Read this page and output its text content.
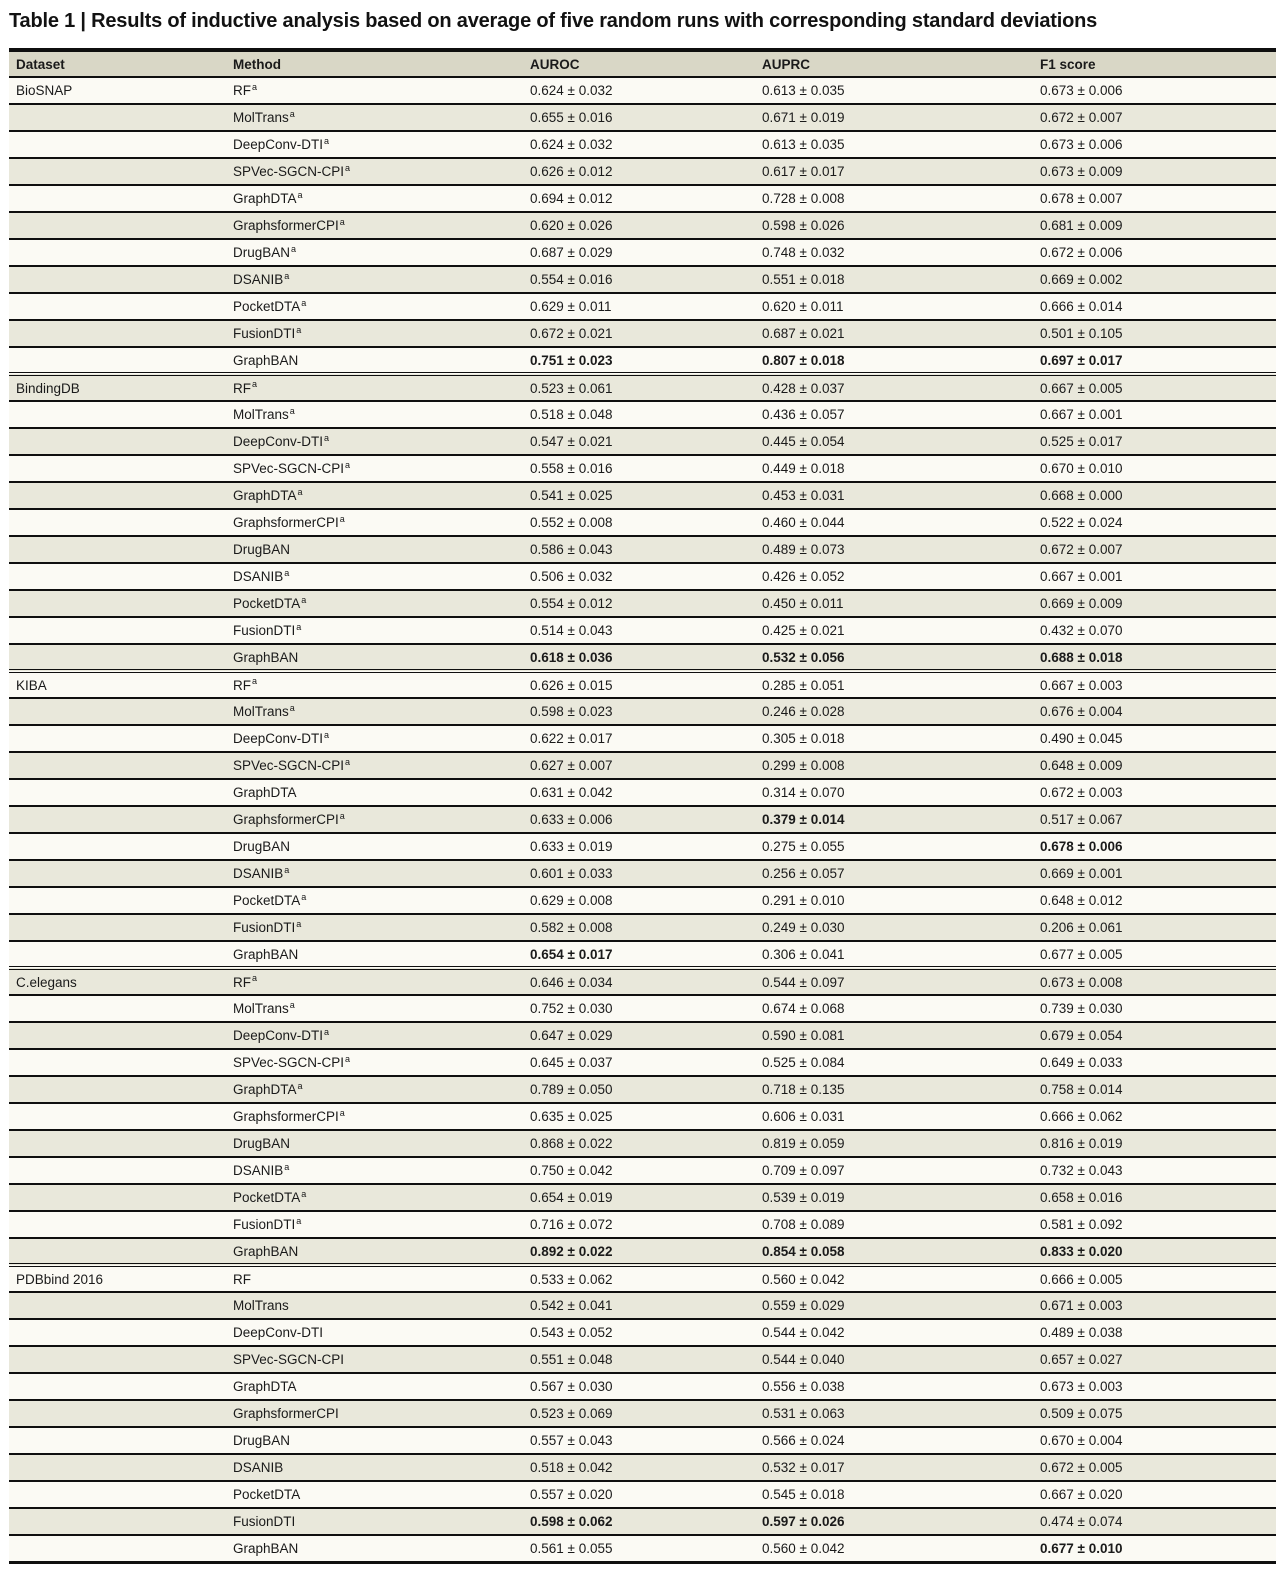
Table 1 | Results of inductive analysis based on average of five random runs with corresponding standard deviations
Dataset	Method	AUROC	AUPRC	F1 score
BioSNAP	RF$^a$	0.624 ± 0.032	0.613 ± 0.035	0.673 ± 0.006
	MolTrans$^a$	0.655 ± 0.016	0.671 ± 0.019	0.672 ± 0.007
	DeepConv-DTI$^a$	0.624 ± 0.032	0.613 ± 0.035	0.673 ± 0.006
	SPVec-SGCN-CPI$^a$	0.626 ± 0.012	0.617 ± 0.017	0.673 ± 0.009
	GraphDTA$^a$	0.694 ± 0.012	0.728 ± 0.008	0.678 ± 0.007
	GraphsformerCPI$^a$	0.620 ± 0.026	0.598 ± 0.026	0.681 ± 0.009
	DrugBAN$^a$	0.687 ± 0.029	0.748 ± 0.032	0.672 ± 0.006
	DSANIB$^a$	0.554 ± 0.016	0.551 ± 0.018	0.669 ± 0.002
	PocketDTA$^a$	0.629 ± 0.011	0.620 ± 0.011	0.666 ± 0.014
	FusionDTI$^a$	0.672 ± 0.021	0.687 ± 0.021	0.501 ± 0.105
	GraphBAN	0.751 ± 0.023	0.807 ± 0.018	0.697 ± 0.017
BindingDB	RF$^a$	0.523 ± 0.061	0.428 ± 0.037	0.667 ± 0.005
	MolTrans$^a$	0.518 ± 0.048	0.436 ± 0.057	0.667 ± 0.001
	DeepConv-DTI$^a$	0.547 ± 0.021	0.445 ± 0.054	0.525 ± 0.017
	SPVec-SGCN-CPI$^a$	0.558 ± 0.016	0.449 ± 0.018	0.670 ± 0.010
	GraphDTA$^a$	0.541 ± 0.025	0.453 ± 0.031	0.668 ± 0.000
	GraphsformerCPI$^a$	0.552 ± 0.008	0.460 ± 0.044	0.522 ± 0.024
	DrugBAN	0.586 ± 0.043	0.489 ± 0.073	0.672 ± 0.007
	DSANIB$^a$	0.506 ± 0.032	0.426 ± 0.052	0.667 ± 0.001
	PocketDTA$^a$	0.554 ± 0.012	0.450 ± 0.011	0.669 ± 0.009
	FusionDTI$^a$	0.514 ± 0.043	0.425 ± 0.021	0.432 ± 0.070
	GraphBAN	0.618 ± 0.036	0.532 ± 0.056	0.688 ± 0.018
KIBA	RF$^a$	0.626 ± 0.015	0.285 ± 0.051	0.667 ± 0.003
	MolTrans$^a$	0.598 ± 0.023	0.246 ± 0.028	0.676 ± 0.004
	DeepConv-DTI$^a$	0.622 ± 0.017	0.305 ± 0.018	0.490 ± 0.045
	SPVec-SGCN-CPI$^a$	0.627 ± 0.007	0.299 ± 0.008	0.648 ± 0.009
	GraphDTA	0.631 ± 0.042	0.314 ± 0.070	0.672 ± 0.003
	GraphsformerCPI$^a$	0.633 ± 0.006	0.379 ± 0.014	0.517 ± 0.067
	DrugBAN	0.633 ± 0.019	0.275 ± 0.055	0.678 ± 0.006
	DSANIB$^a$	0.601 ± 0.033	0.256 ± 0.057	0.669 ± 0.001
	PocketDTA$^a$	0.629 ± 0.008	0.291 ± 0.010	0.648 ± 0.012
	FusionDTI$^a$	0.582 ± 0.008	0.249 ± 0.030	0.206 ± 0.061
	GraphBAN	0.654 ± 0.017	0.306 ± 0.041	0.677 ± 0.005
C.elegans	RF$^a$	0.646 ± 0.034	0.544 ± 0.097	0.673 ± 0.008
	MolTrans$^a$	0.752 ± 0.030	0.674 ± 0.068	0.739 ± 0.030
	DeepConv-DTI$^a$	0.647 ± 0.029	0.590 ± 0.081	0.679 ± 0.054
	SPVec-SGCN-CPI$^a$	0.645 ± 0.037	0.525 ± 0.084	0.649 ± 0.033
	GraphDTA$^a$	0.789 ± 0.050	0.718 ± 0.135	0.758 ± 0.014
	GraphsformerCPI$^a$	0.635 ± 0.025	0.606 ± 0.031	0.666 ± 0.062
	DrugBAN	0.868 ± 0.022	0.819 ± 0.059	0.816 ± 0.019
	DSANIB$^a$	0.750 ± 0.042	0.709 ± 0.097	0.732 ± 0.043
	PocketDTA$^a$	0.654 ± 0.019	0.539 ± 0.019	0.658 ± 0.016
	FusionDTI$^a$	0.716 ± 0.072	0.708 ± 0.089	0.581 ± 0.092
	GraphBAN	0.892 ± 0.022	0.854 ± 0.058	0.833 ± 0.020
PDBbind 2016	RF	0.533 ± 0.062	0.560 ± 0.042	0.666 ± 0.005
	MolTrans	0.542 ± 0.041	0.559 ± 0.029	0.671 ± 0.003
	DeepConv-DTI	0.543 ± 0.052	0.544 ± 0.042	0.489 ± 0.038
	SPVec-SGCN-CPI	0.551 ± 0.048	0.544 ± 0.040	0.657 ± 0.027
	GraphDTA	0.567 ± 0.030	0.556 ± 0.038	0.673 ± 0.003
	GraphsformerCPI	0.523 ± 0.069	0.531 ± 0.063	0.509 ± 0.075
	DrugBAN	0.557 ± 0.043	0.566 ± 0.024	0.670 ± 0.004
	DSANIB	0.518 ± 0.042	0.532 ± 0.017	0.672 ± 0.005
	PocketDTA	0.557 ± 0.020	0.545 ± 0.018	0.667 ± 0.020
	FusionDTI	0.598 ± 0.062	0.597 ± 0.026	0.474 ± 0.074
	GraphBAN	0.561 ± 0.055	0.560 ± 0.042	0.677 ± 0.010
